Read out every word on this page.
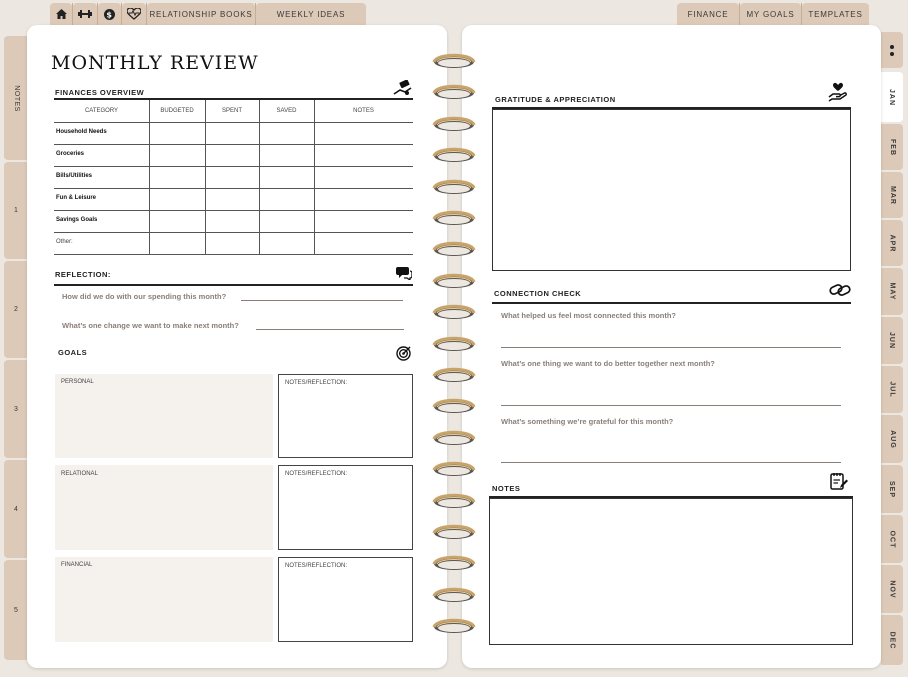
$	RELATIONSHIP BOOKS	WEEKLY IDEAS	FINANCE	MY GOALS	TEMPLATES
NOTES
1
2
3
4
5
JAN
FEB
MAR
APR
MAY
JUN
JUL
AUG
SEP
OCT
NOV
DEC
MONTHLY REVIEW
FINANCES OVERVIEW
CATEGORY	BUDGETED	SPENT	SAVED	NOTES
Household Needs
Groceries
Bills/Utilities
Fun & Leisure
Savings Goals
Other:
REFLECTION:
How did we do with our spending this month?
What’s one change we want to make next month?
GOALS
PERSONAL	NOTES/REFLECTION:
RELATIONAL	NOTES/REFLECTION:
FINANCIAL	NOTES/REFLECTION:
GRATITUDE & APPRECIATION
CONNECTION CHECK
What helped us feel most connected this month?
What’s one thing we want to do better together next month?
What’s something we’re grateful for this month?
NOTES
